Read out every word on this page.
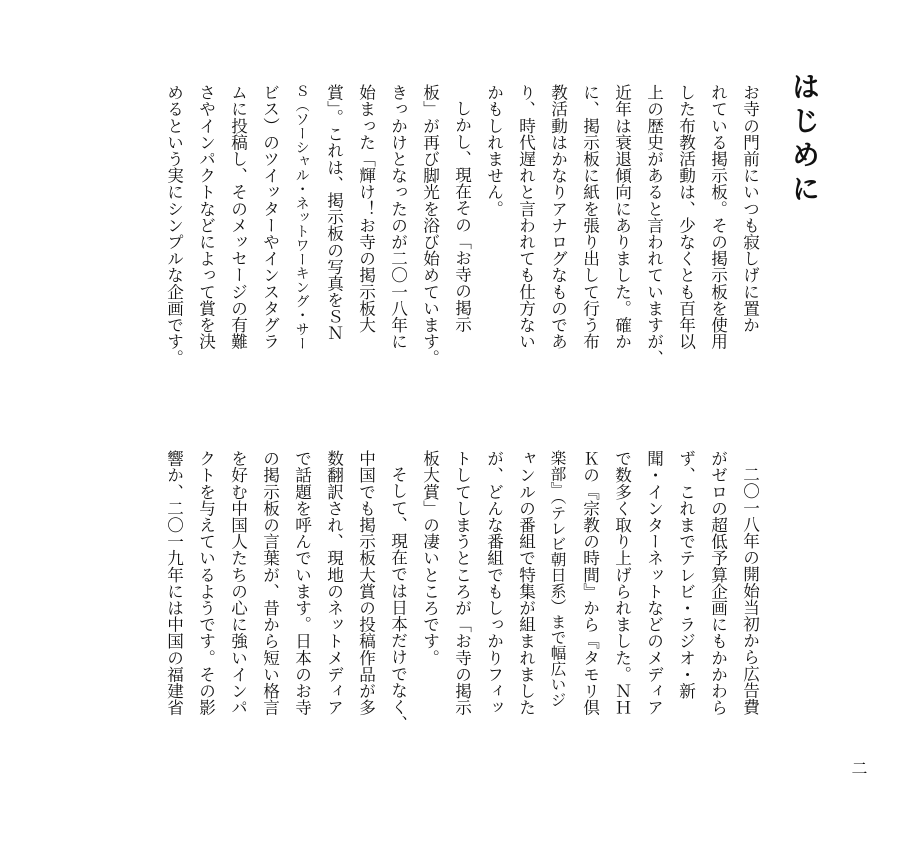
はじめに
お寺の門前にいつも寂しげに置か
れている掲示板。その掲示板を使用
した布教活動は、少なくとも百年以
上の歴史があると言われていますが、
近年は衰退傾向にありました。確か
に、掲示板に紙を張り出して行う布
教活動はかなりアナログなものであ
り、時代遅れと言われても仕方ない
かもしれません。
しかし、現在その「お寺の掲示
板」が再び脚光を浴び始めています。
きっかけとなったのが二〇一八年に
始まった「輝け！お寺の掲示板大
賞」。これは、掲示板の写真をＳＮ
Ｓ（ソーシャル・ネットワーキング・サー
ビス）のツイッターやインスタグラ
ムに投稿し、そのメッセージの有難
さやインパクトなどによって賞を決
めるという実にシンプルな企画です。
二〇一八年の開始当初から広告費
がゼロの超低予算企画にもかかわら
ず、これまでテレビ・ラジオ・新
聞・インターネットなどのメディア
で数多く取り上げられました。ＮＨ
Ｋの『宗教の時間』から『タモリ倶
楽部』（テレビ朝日系）まで幅広いジ
ャンルの番組で特集が組まれました
が、どんな番組でもしっかりフィッ
トしてしまうところが「お寺の掲示
板大賞」の凄いところです。
そして、現在では日本だけでなく、
中国でも掲示板大賞の投稿作品が多
数翻訳され、現地のネットメディア
で話題を呼んでいます。日本のお寺
の掲示板の言葉が、昔から短い格言
を好む中国人たちの心に強いインパ
クトを与えているようです。その影
響か、二〇一九年には中国の福建省
二
